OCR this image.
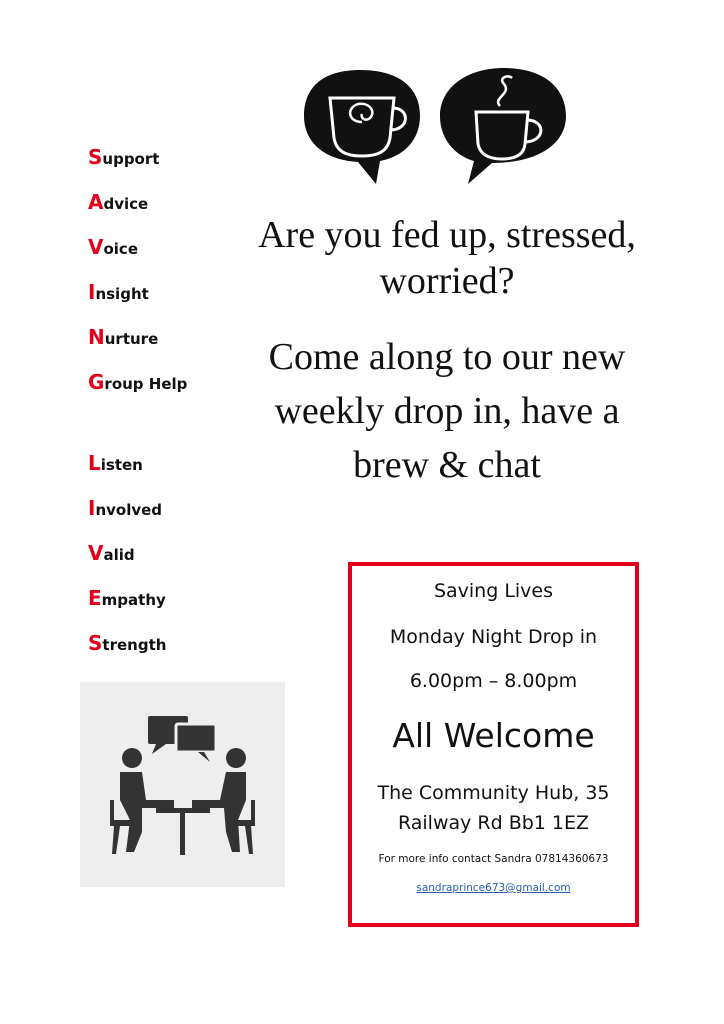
Support
Advice
Voice
Insight
Nurture
Group Help
Listen
Involved
Valid
Empathy
Strength
Are you fed up, stressed,
worried?
Come along to our new
weekly drop in, have a
brew & chat
Saving Lives
Monday Night Drop in
6.00pm – 8.00pm
All Welcome
The Community Hub, 35
Railway Rd Bb1 1EZ
For more info contact Sandra 07814360673
sandraprince673@gmail.com
